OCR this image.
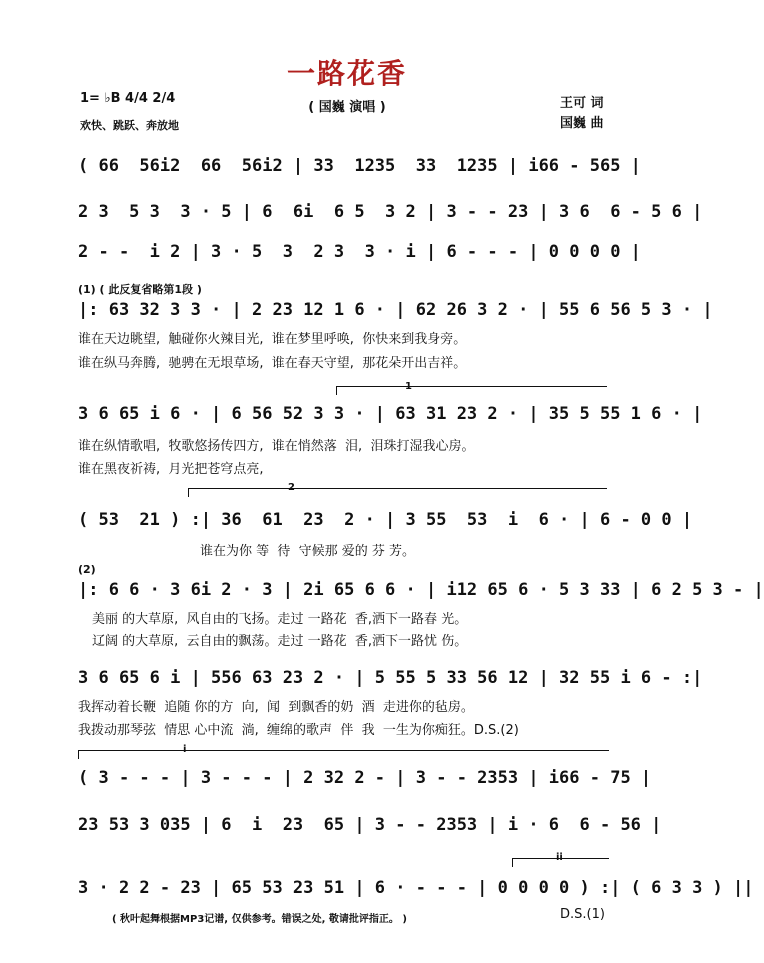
一路花香
( 国巍 演唱 )
1= ♭B 4/4 2/4
欢快、跳跃、奔放地
王可 词
国巍 曲
( 66  56i2  66  56i2 | 33  1235  33  1235 | i66 - 565 |
2 3  5 3  3 · 5 | 6  6i  6 5  3 2 | 3 - - 23 | 3 6  6 - 5 6 |
2 - -  i 2 | 3 · 5  3  2 3  3 · i | 6 - - - | 0 0 0 0 |
(1) ( 此反复省略第1段 )
|: 63 32 3 3 · | 2 23 12 1 6 · | 62 26 3 2 · | 55 6 56 5 3 · |
谁在天边眺望,  触碰你火辣目光,  谁在梦里呼唤,  你快来到我身旁。
谁在纵马奔腾,  驰骋在无垠草场,  谁在春天守望,  那花朵开出吉祥。
1
3 6 65 i 6 · | 6 56 52 3 3 · | 63 31 23 2 · | 35 5 55 1 6 · |
谁在纵情歌唱,  牧歌悠扬传四方,  谁在悄然落  泪,  泪珠打湿我心房。
谁在黑夜祈祷,  月光把苍穹点亮,
2
( 53  21 ) :| 36  61  23  2 · | 3 55  53  i  6 · | 6 - 0 0 |
谁在为你 等  待  守候那 爱的 芬 芳。
(2)
|: 6 6 · 3 6i 2 · 3 | 2i 65 6 6 · | i12 65 6 · 5 3 33 | 6 2 5 3 - |
美丽 的大草原,  风自由的飞扬。走过 一路花  香,洒下一路春 光。
辽阔 的大草原,  云自由的飘荡。走过 一路花  香,洒下一路忧 伤。
3 6 65 6 i | 556 63 23 2 · | 5 55 5 33 56 12 | 32 55 i 6 - :|
我挥动着长鞭  追随 你的方  向,  闻  到飘香的奶  酒  走进你的毡房。
我拨动那琴弦  情思 心中流  淌,  缠绵的歌声  伴  我  一生为你痴狂。D.S.(2)
i
( 3 - - - | 3 - - - | 2 32 2 - | 3 - - 2353 | i66 - 75 |
23 53 3 035 | 6  i  23  65 | 3 - - 2353 | i · 6  6 - 56 |
ii
3 · 2 2 - 23 | 65 53 23 51 | 6 · - - - | 0 0 0 0 ) :| ( 6 3 3 ) ||
( 秋叶起舞根据MP3记谱, 仅供参考。错误之处, 敬请批评指正。 )	D.S.(1)
